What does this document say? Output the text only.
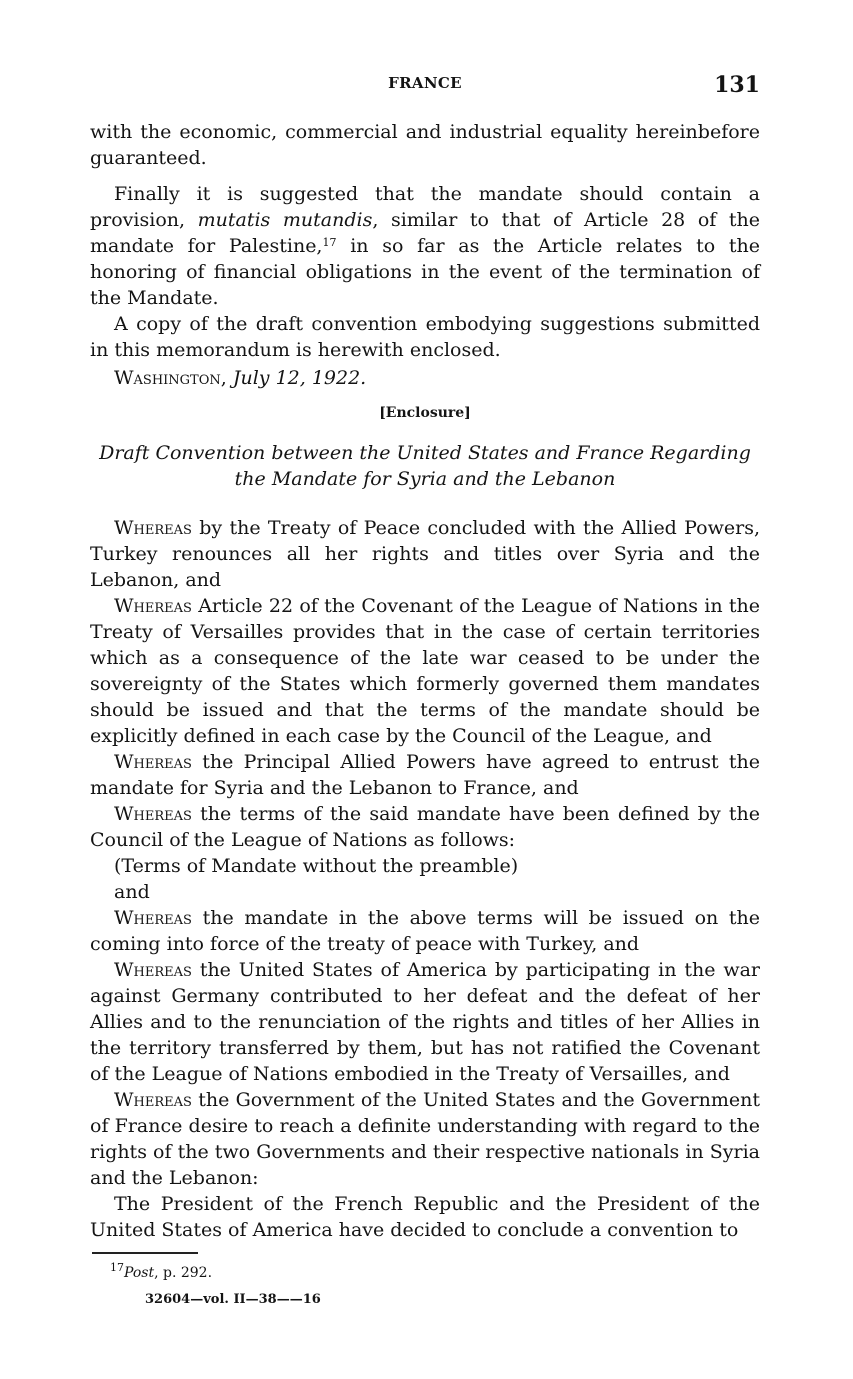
FRANCE	131

with the economic, commercial and industrial equality hereinbefore guaranteed.

Finally it is suggested that the mandate should contain a provision, mutatis mutandis, similar to that of Article 28 of the mandate for Palestine,$^{17}$ in so far as the Article relates to the honoring of financial obligations in the event of the termination of the Mandate.

A copy of the draft convention embodying suggestions submitted in this memorandum is herewith enclosed.

Washington, July 12, 1922.

[Enclosure]
Draft Convention between the United States and France Regarding the Mandate for Syria and the Lebanon

Whereas by the Treaty of Peace concluded with the Allied Powers, Turkey renounces all her rights and titles over Syria and the Lebanon, and

Whereas Article 22 of the Covenant of the League of Nations in the Treaty of Versailles provides that in the case of certain territories which as a consequence of the late war ceased to be under the sovereignty of the States which formerly governed them mandates should be issued and that the terms of the mandate should be explicitly defined in each case by the Council of the League, and

Whereas the Principal Allied Powers have agreed to entrust the mandate for Syria and the Lebanon to France, and

Whereas the terms of the said mandate have been defined by the Council of the League of Nations as follows:

(Terms of Mandate without the preamble)

and

Whereas the mandate in the above terms will be issued on the coming into force of the treaty of peace with Turkey, and

Whereas the United States of America by participating in the war against Germany contributed to her defeat and the defeat of her Allies and to the renunciation of the rights and titles of her Allies in the territory transferred by them, but has not ratified the Covenant of the League of Nations embodied in the Treaty of Versailles, and

Whereas the Government of the United States and the Government of France desire to reach a definite understanding with regard to the rights of the two Governments and their respective nationals in Syria and the Lebanon:

The President of the French Republic and the President of the United States of America have decided to conclude a convention to

$^{17}$Post, p. 292.
32604—vol. II—38——16
